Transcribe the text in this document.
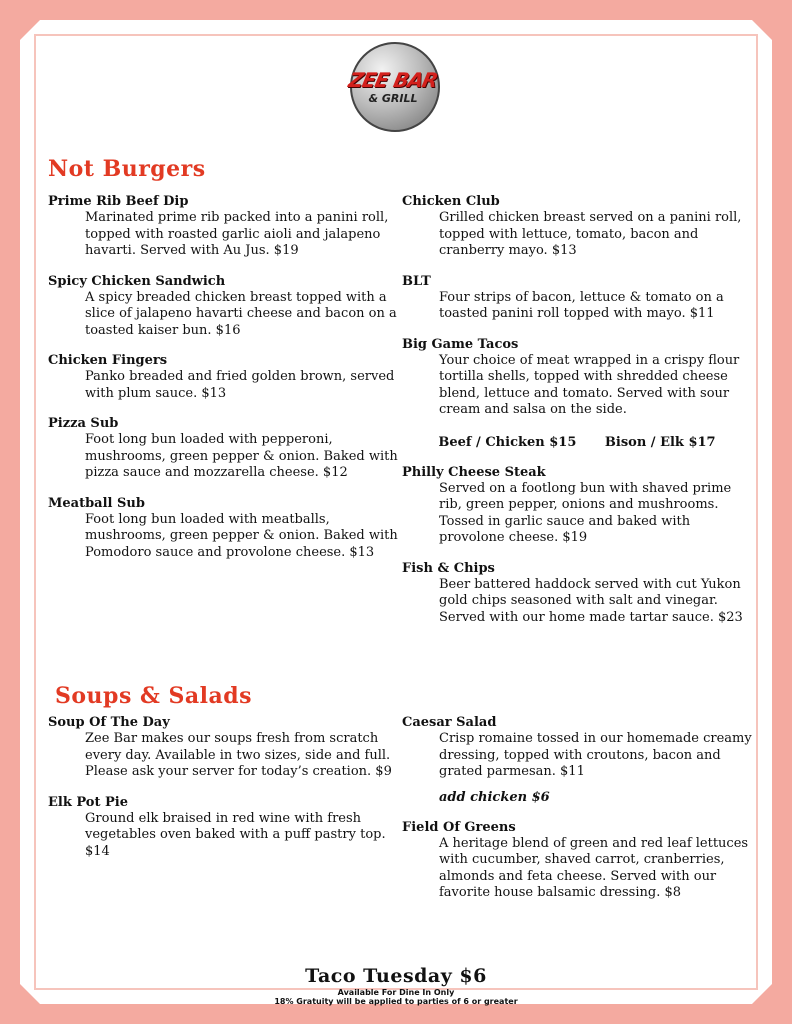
ZEE BAR
& GRILL
Not Burgers
Prime Rib Beef Dip
Marinated prime rib packed into a panini roll, topped with roasted garlic aioli and jalapeno havarti. Served with Au Jus. $19
Spicy Chicken Sandwich
A spicy breaded chicken breast topped with a slice of jalapeno havarti cheese and bacon on a toasted kaiser bun. $16
Chicken Fingers
Panko breaded and fried golden brown, served with plum sauce. $13
Pizza Sub
Foot long bun loaded with pepperoni, mushrooms, green pepper & onion. Baked with pizza sauce and mozzarella cheese. $12
Meatball Sub
Foot long bun loaded with meatballs, mushrooms, green pepper & onion. Baked with Pomodoro sauce and provolone cheese. $13
Chicken Club
Grilled chicken breast served on a panini roll, topped with lettuce, tomato, bacon and cranberry mayo. $13
BLT
Four strips of bacon, lettuce & tomato on a toasted panini roll topped with mayo. $11
Big Game Tacos
Your choice of meat wrapped in a crispy flour tortilla shells, topped with shredded cheese blend, lettuce and tomato. Served with sour cream and salsa on the side.
Beef / Chicken $15 Bison / Elk $17
Philly Cheese Steak
Served on a footlong bun with shaved prime rib, green pepper, onions and mushrooms. Tossed in garlic sauce and baked with provolone cheese. $19
Fish & Chips
Beer battered haddock served with cut Yukon gold chips seasoned with salt and vinegar. Served with our home made tartar sauce. $23
Soups & Salads
Soup Of The Day
Zee Bar makes our soups fresh from scratch every day. Available in two sizes, side and full. Please ask your server for today’s creation. $9
Elk Pot Pie
Ground elk braised in red wine with fresh vegetables oven baked with a puff pastry top. $14
Caesar Salad
Crisp romaine tossed in our homemade creamy dressing, topped with croutons, bacon and grated parmesan. $11
add chicken $6
Field Of Greens
A heritage blend of green and red leaf lettuces with cucumber, shaved carrot, cranberries, almonds and feta cheese. Served with our favorite house balsamic dressing. $8
Taco Tuesday $6
Available For Dine In Only
18% Gratuity will be applied to parties of 6 or greater
